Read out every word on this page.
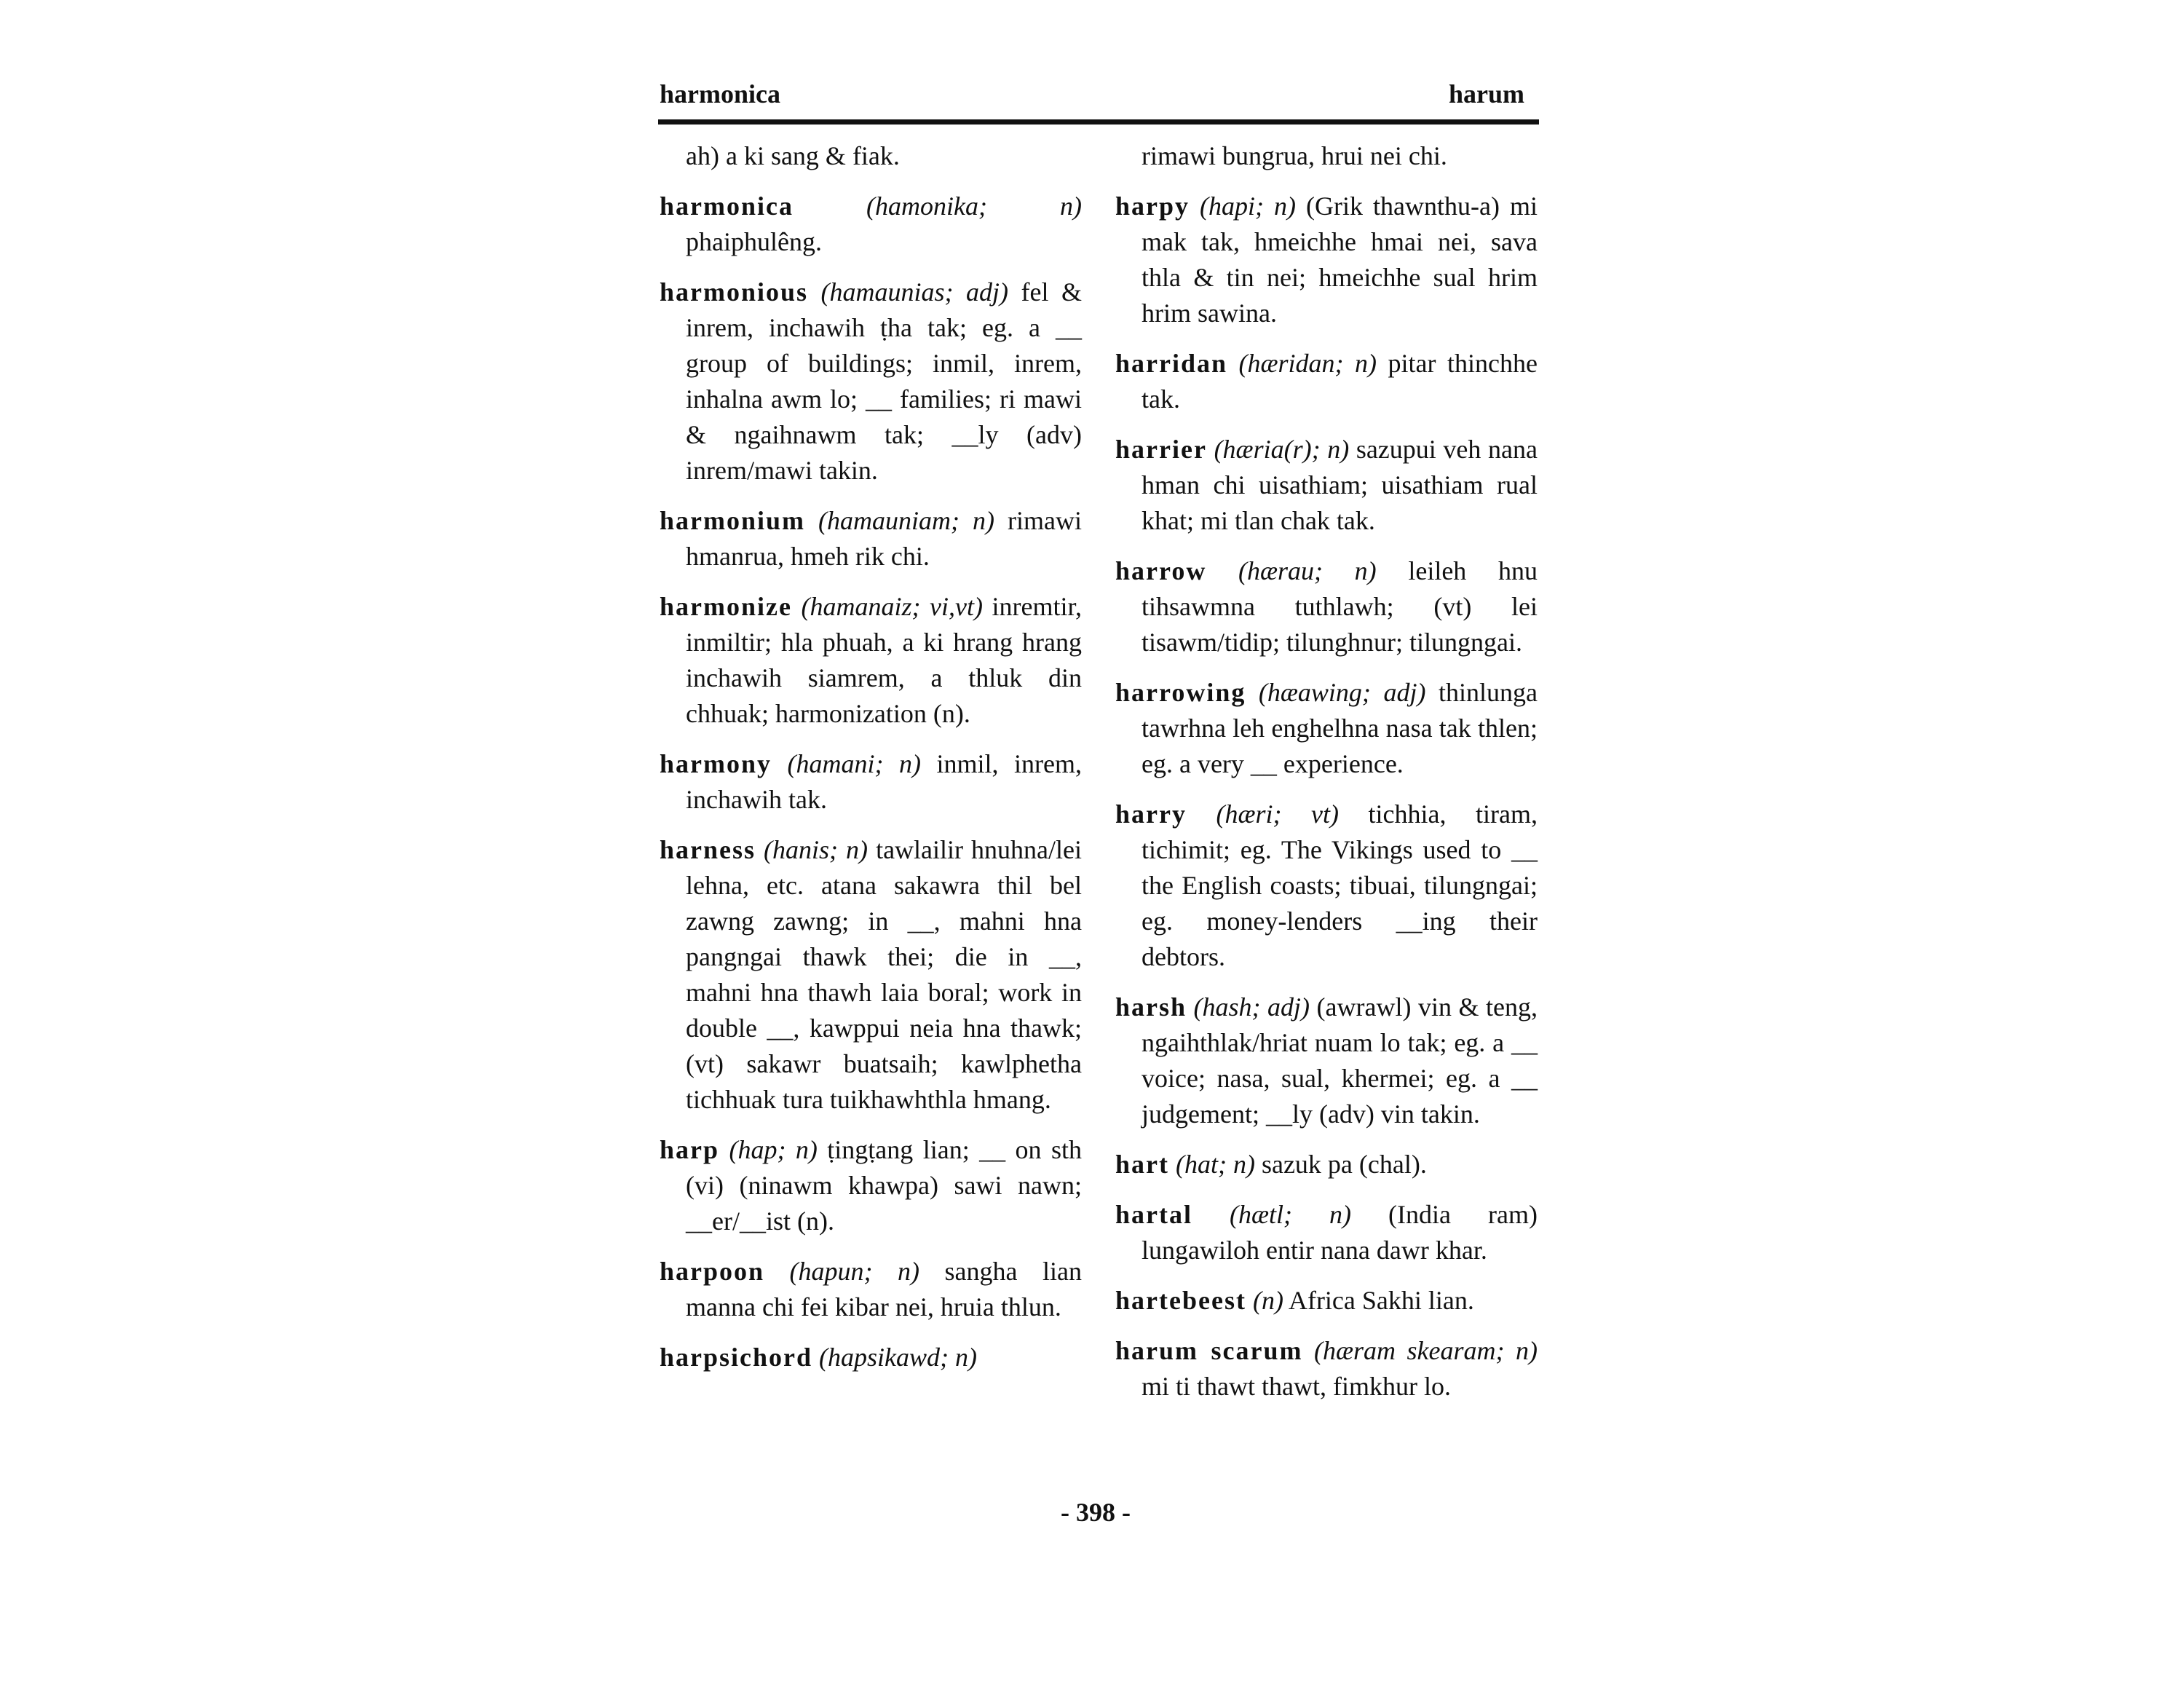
harmonica	harum
ah) a ki sang & fiak.
harmonica (hamonika; n) phaiphulêng.
harmonious (hamaunias; adj) fel & inrem, inchawih ṭha tak; eg. a __ group of buildings; inmil, inrem, inhalna awm lo; __ families; ri mawi & ngaihnawm tak; __ly (adv) inrem/mawi takin.
harmonium (hamauniam; n) rimawi hmanrua, hmeh rik chi.
harmonize (hamanaiz; vi,vt) inremtir, inmiltir; hla phuah, a ki hrang hrang inchawih siamrem, a thluk din chhuak; harmonization (n).
harmony (hamani; n) inmil, inrem, inchawih tak.
harness (hanis; n) tawlailir hnuhna/lei lehna, etc. atana sakawra thil bel zawng zawng; in __, mahni hna pangngai thawk thei; die in __, mahni hna thawh laia boral; work in double __, kawppui neia hna thawk; (vt) sakawr buatsaih; kawlphetha tichhuak tura tuikhawhthla hmang.
harp (hap; n) ṭingṭang lian; __ on sth (vi) (ninawm khawpa) sawi nawn; __er/__ist (n).
harpoon (hapun; n) sangha lian manna chi fei kibar nei, hruia thlun.
harpsichord (hapsikawd; n)
rimawi bungrua, hrui nei chi.
harpy (hapi; n) (Grik thawnthu-a) mi mak tak, hmeichhe hmai nei, sava thla & tin nei; hmeichhe sual hrim hrim sawina.
harridan (hæridan; n) pitar thinchhe tak.
harrier (hæria(r); n) sazupui veh nana hman chi uisathiam; uisathiam rual khat; mi tlan chak tak.
harrow (hærau; n) leileh hnu tihsawmna tuthlawh; (vt) lei tisawm/tidip; tilunghnur; tilungngai.
harrowing (hæawing; adj) thinlunga tawrhna leh enghelhna nasa tak thlen; eg. a very __ experience.
harry (hæri; vt) tichhia, tiram, tichimit; eg. The Vikings used to __ the English coasts; tibuai, tilungngai; eg. money-lenders __ing their debtors.
harsh (hash; adj) (awrawl) vin & teng, ngaihthlak/hriat nuam lo tak; eg. a __ voice; nasa, sual, khermei; eg. a __ judgement; __ly (adv) vin takin.
hart (hat; n) sazuk pa (chal).
hartal (hætl; n) (India ram) lungawiloh entir nana dawr khar.
hartebeest (n) Africa Sakhi lian.
harum scarum (hæram skearam; n) mi ti thawt thawt, fimkhur lo.
- 398 -
